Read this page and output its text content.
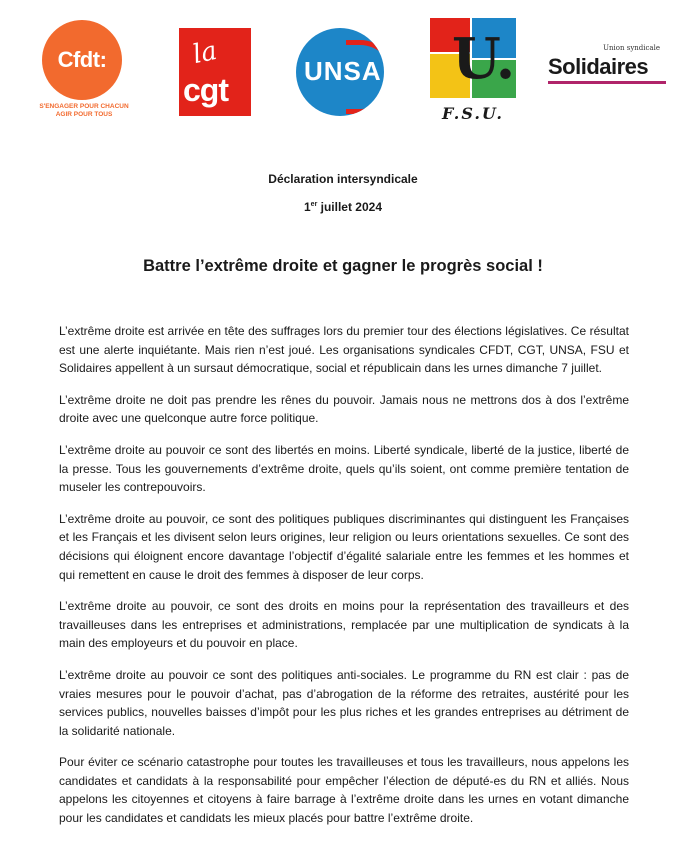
Cfdt:
S'ENGAGER POUR CHACUN AGIR POUR TOUS
la
cgt
UNSA U.
F.S.U.
Union syndicale
Solidaires
Déclaration intersyndicale
1er juillet 2024
Battre l’extrême droite et gagner le progrès social !

L’extrême droite est arrivée en tête des suffrages lors du premier tour des élections législatives. Ce résultat est une alerte inquiétante. Mais rien n’est joué. Les organisations syndicales CFDT, CGT, UNSA, FSU et Solidaires appellent à un sursaut démocratique, social et républicain dans les urnes dimanche 7 juillet.

L’extrême droite ne doit pas prendre les rênes du pouvoir. Jamais nous ne mettrons dos à dos l’extrême droite avec une quelconque autre force politique.

L’extrême droite au pouvoir ce sont des libertés en moins. Liberté syndicale, liberté de la justice, liberté de la presse. Tous les gouvernements d’extrême droite, quels qu’ils soient, ont comme première tentation de museler les contrepouvoirs.

L’extrême droite au pouvoir, ce sont des politiques publiques discriminantes qui distinguent les Françaises et les Français et les divisent selon leurs origines, leur religion ou leurs orientations sexuelles. Ce sont des décisions qui éloignent encore davantage l’objectif d’égalité salariale entre les femmes et les hommes et qui remettent en cause le droit des femmes à disposer de leur corps.

L’extrême droite au pouvoir, ce sont des droits en moins pour la représentation des travailleurs et des travailleuses dans les entreprises et administrations, remplacée par une multiplication de syndicats à la main des employeurs et du pouvoir en place.

L’extrême droite au pouvoir ce sont des politiques anti-sociales. Le programme du RN est clair : pas de vraies mesures pour le pouvoir d’achat, pas d’abrogation de la réforme des retraites, austérité pour les services publics, nouvelles baisses d’impôt pour les plus riches et les grandes entreprises au détriment de la solidarité nationale.

Pour éviter ce scénario catastrophe pour toutes les travailleuses et tous les travailleurs, nous appelons les candidates et candidats à la responsabilité pour empêcher l’élection de député-es du RN et alliés. Nous appelons les citoyennes et citoyens à faire barrage à l’extrême droite dans les urnes en votant dimanche pour les candidates et candidats les mieux placés pour battre l’extrême droite.
